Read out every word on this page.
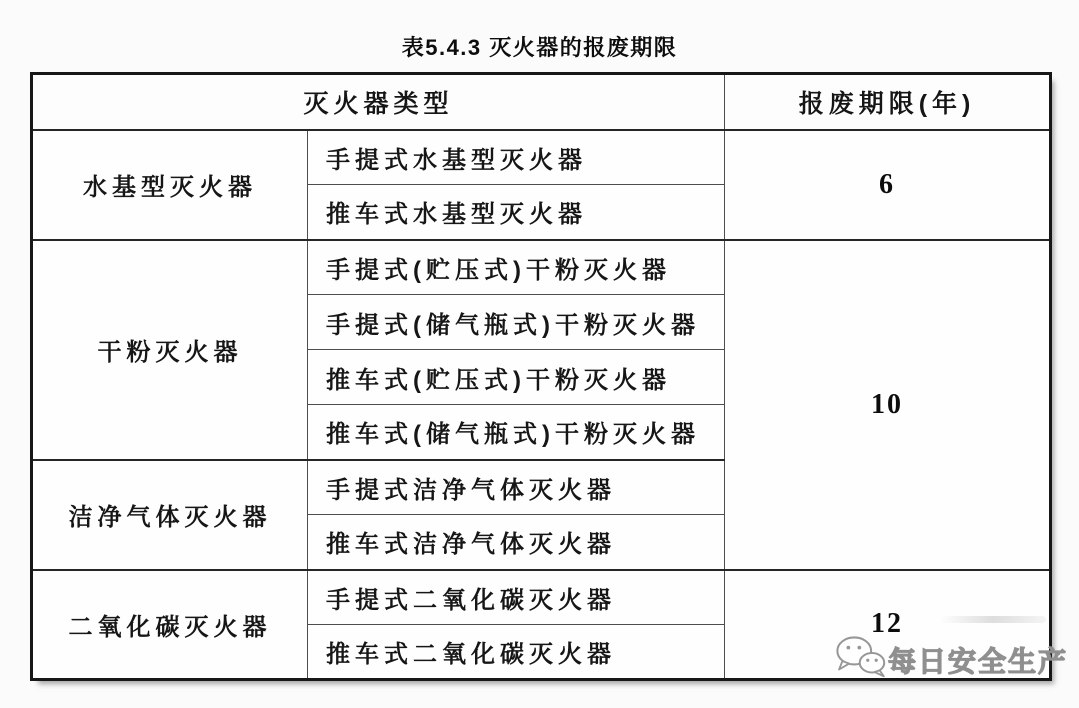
表5.4.3 灭火器的报废期限
灭火器类型		报废期限(年)
水基型灭火器	手提式水基型灭火器	6
	推车式水基型灭火器	
干粉灭火器	手提式(贮压式)干粉灭火器	10
	手提式(储气瓶式)干粉灭火器	
	推车式(贮压式)干粉灭火器	
	推车式(储气瓶式)干粉灭火器	
洁净气体灭火器	手提式洁净气体灭火器	
	推车式洁净气体灭火器	
二氧化碳灭火器	手提式二氧化碳灭火器	12
	推车式二氧化碳灭火器		每日安全生产
